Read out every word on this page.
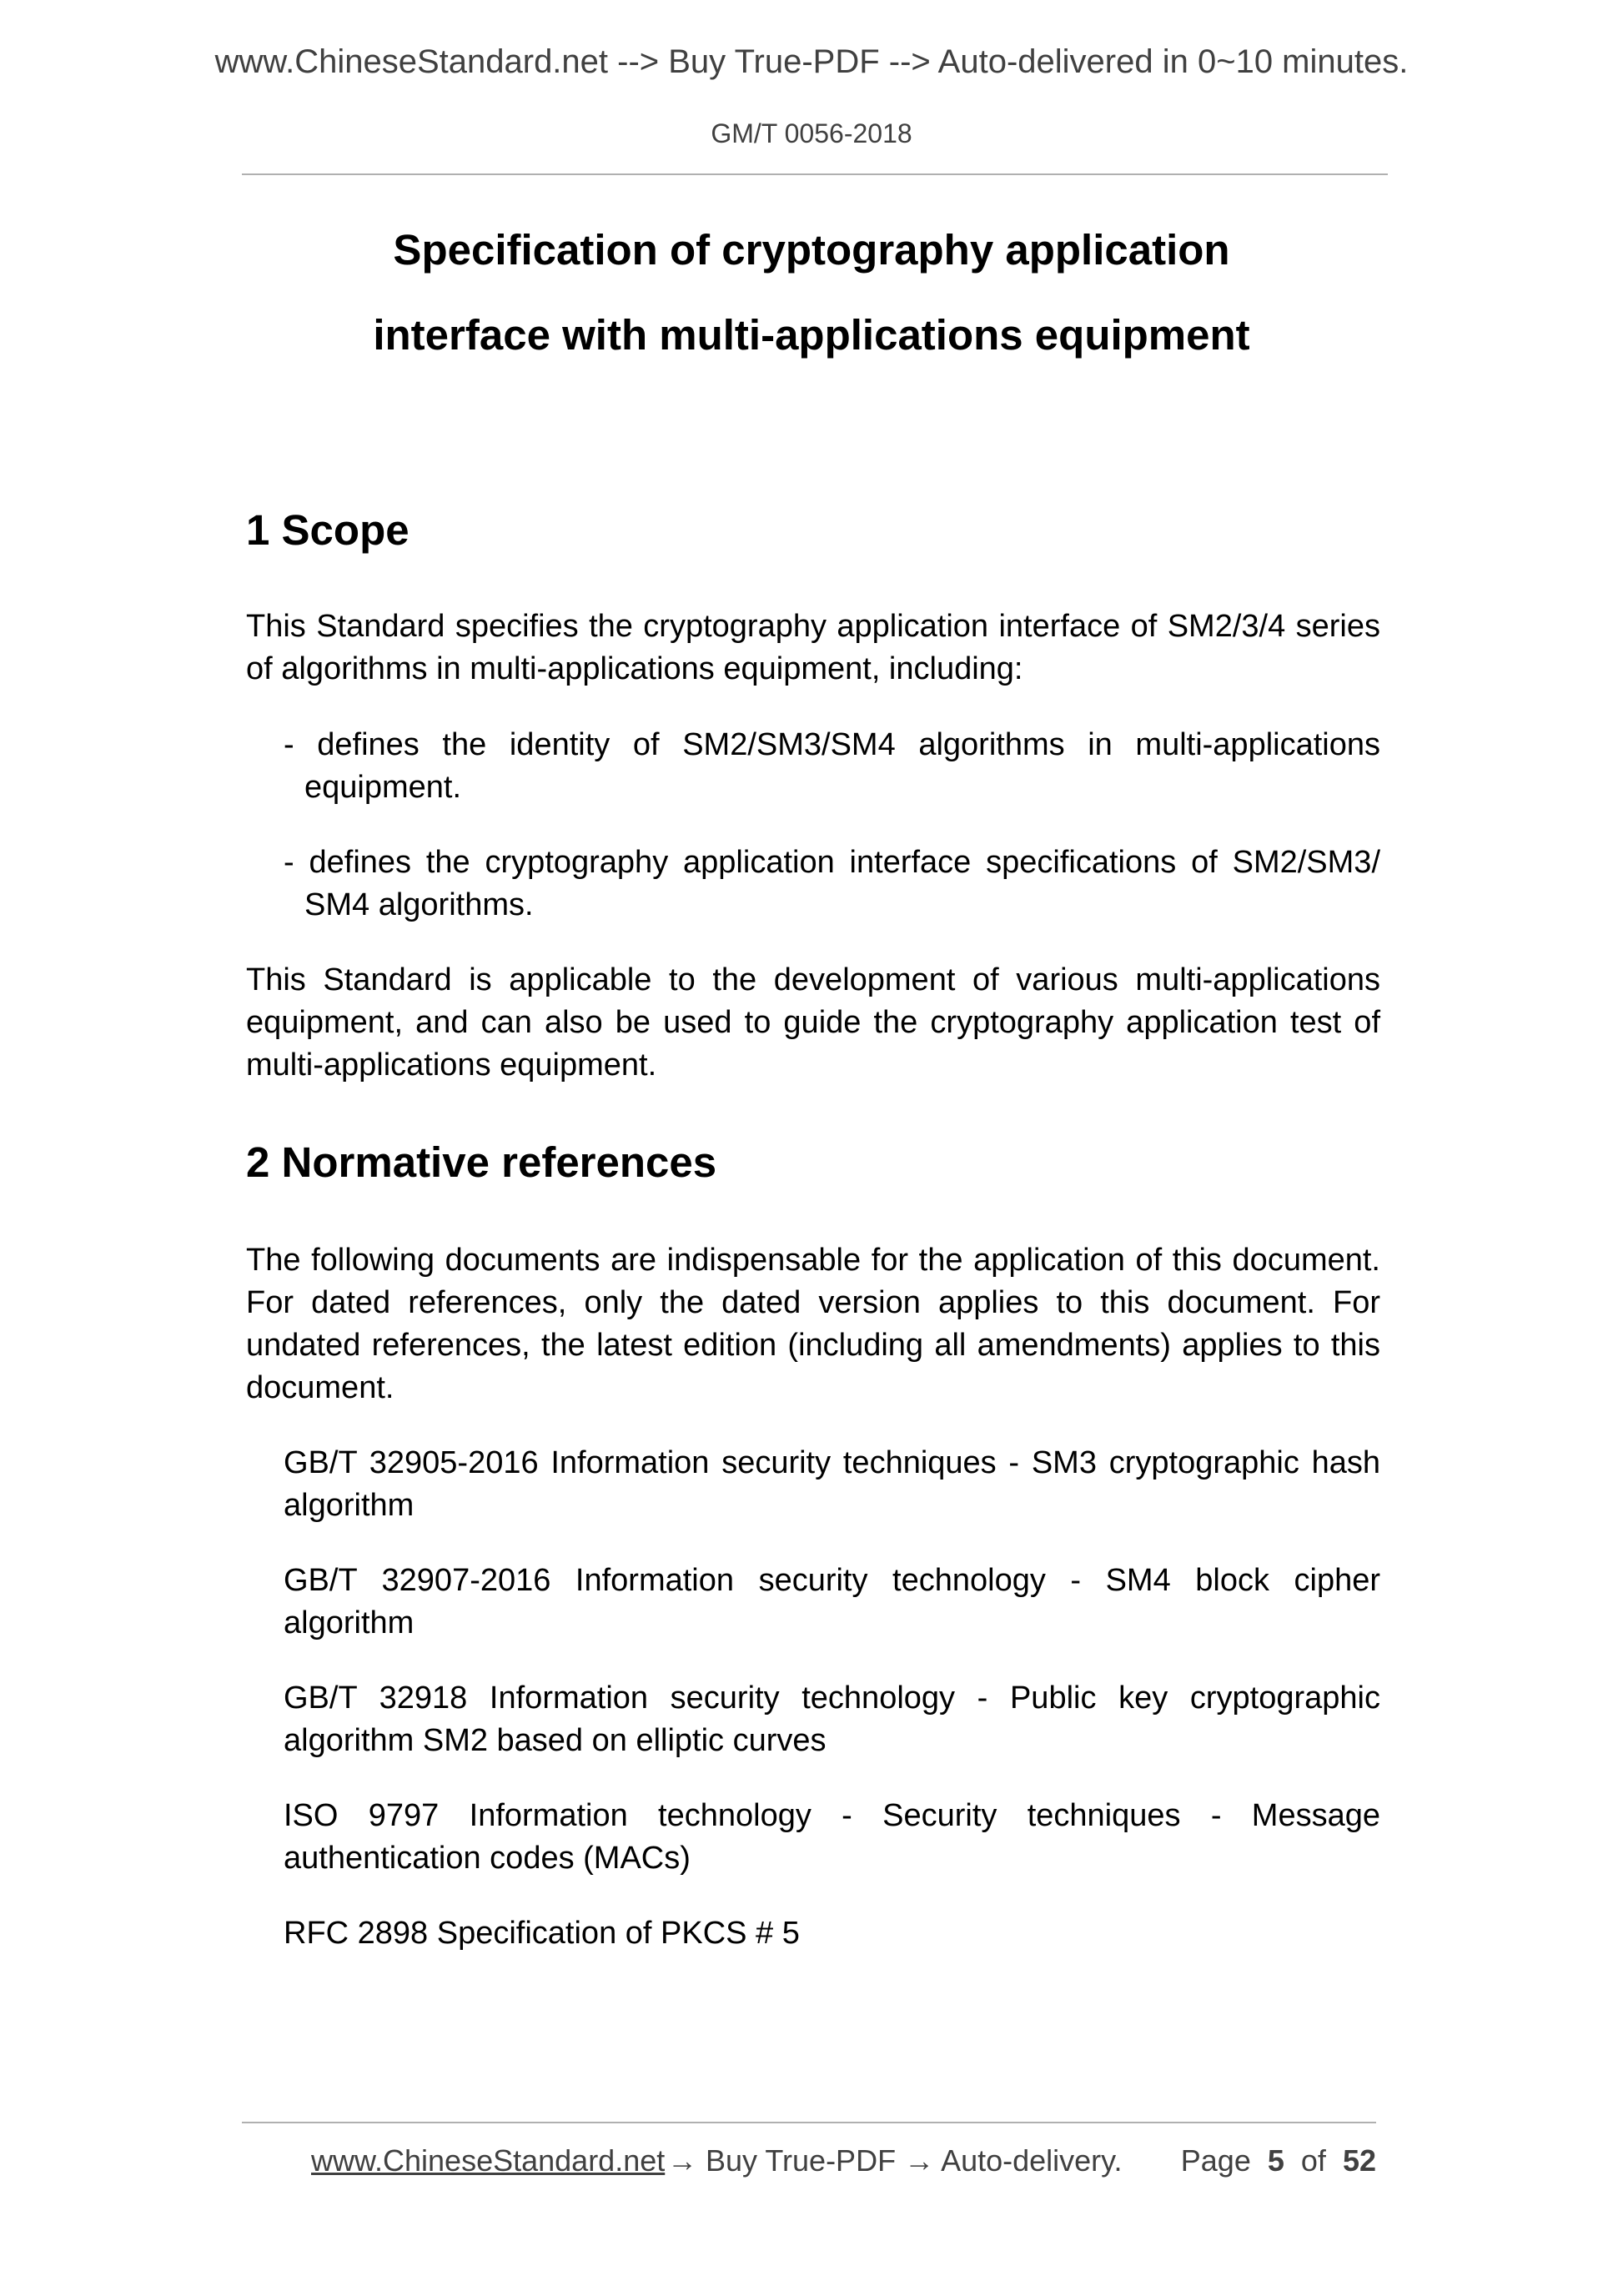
www.ChineseStandard.net --> Buy True-PDF --> Auto-delivered in 0~10 minutes.
GM/T 0056-2018
Specification of cryptography application
interface with multi-applications equipment
1 Scope
This Standard specifies the cryptography application interface of SM2/3/4 series of algorithms in multi-applications equipment, including:
- defines the identity of SM2/SM3/SM4 algorithms in multi-applications equipment.
- defines the cryptography application interface specifications of SM2/SM3/ SM4 algorithms.
This Standard is applicable to the development of various multi-applications equipment, and can also be used to guide the cryptography application test of multi-applications equipment.
2 Normative references
The following documents are indispensable for the application of this document. For dated references, only the dated version applies to this document. For undated references, the latest edition (including all amendments) applies to this document.
GB/T 32905-2016 Information security techniques - SM3 cryptographic hash algorithm
GB/T 32907-2016 Information security technology - SM4 block cipher algorithm
GB/T 32918 Information security technology - Public key cryptographic algorithm SM2 based on elliptic curves
ISO 9797 Information technology - Security techniques - Message authentication codes (MACs)
RFC 2898 Specification of PKCS # 5
www.ChineseStandard.net → Buy True-PDF → Auto-delivery. Page 5 of 52
